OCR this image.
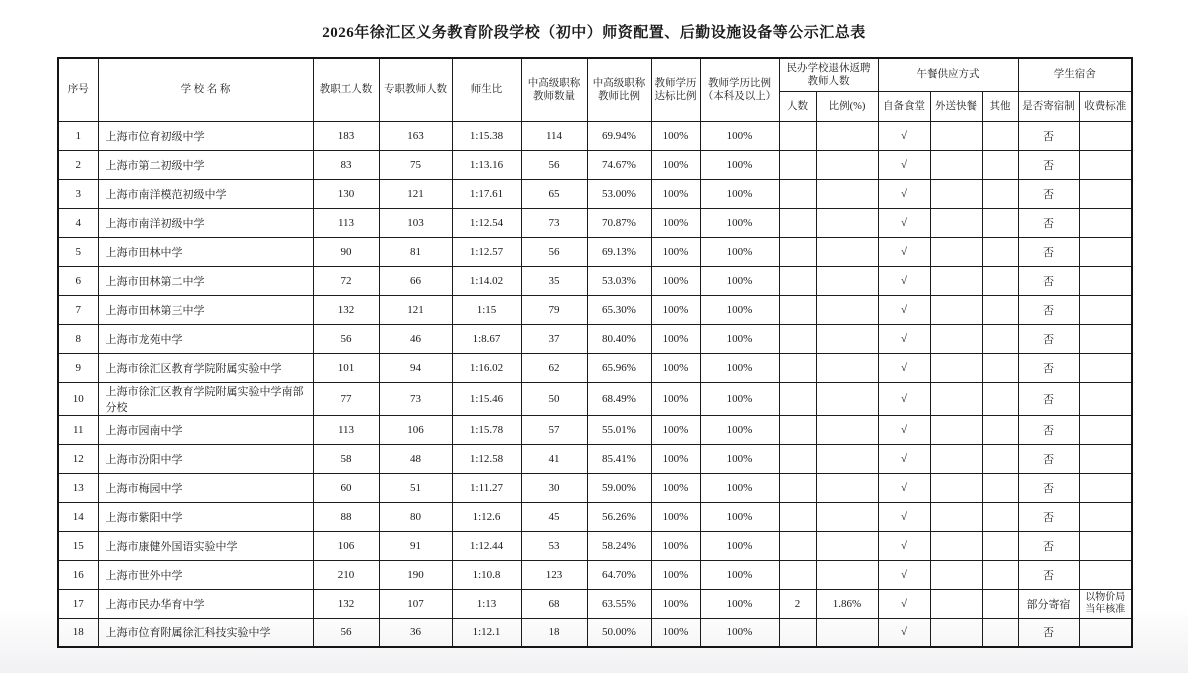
2026年徐汇区义务教育阶段学校（初中）师资配置、后勤设施设备等公示汇总表
序号	学 校 名 称	教职工人数	专职教师人数	师生比	中高级职称教师数量	中高级职称教师比例	教师学历达标比例	教师学历比例（本科及以上）	民办学校退休返聘教师人数		午餐供应方式			学生宿舍	
									人数	比例(%)	自备食堂	外送快餐	其他	是否寄宿制	收费标准
1	上海市位育初级中学	183	163	1:15.38	114	69.94%	100%	100%			√			否	
2	上海市第二初级中学	83	75	1:13.16	56	74.67%	100%	100%			√			否	
3	上海市南洋模范初级中学	130	121	1:17.61	65	53.00%	100%	100%			√			否	
4	上海市南洋初级中学	113	103	1:12.54	73	70.87%	100%	100%			√			否	
5	上海市田林中学	90	81	1:12.57	56	69.13%	100%	100%			√			否	
6	上海市田林第二中学	72	66	1:14.02	35	53.03%	100%	100%			√			否	
7	上海市田林第三中学	132	121	1:15	79	65.30%	100%	100%			√			否	
8	上海市龙苑中学	56	46	1:8.67	37	80.40%	100%	100%			√			否	
9	上海市徐汇区教育学院附属实验中学	101	94	1:16.02	62	65.96%	100%	100%			√			否	
10	上海市徐汇区教育学院附属实验中学南部分校	77	73	1:15.46	50	68.49%	100%	100%			√			否	
11	上海市园南中学	113	106	1:15.78	57	55.01%	100%	100%			√			否	
12	上海市汾阳中学	58	48	1:12.58	41	85.41%	100%	100%			√			否	
13	上海市梅园中学	60	51	1:11.27	30	59.00%	100%	100%			√			否	
14	上海市紫阳中学	88	80	1:12.6	45	56.26%	100%	100%			√			否	
15	上海市康健外国语实验中学	106	91	1:12.44	53	58.24%	100%	100%			√			否	
16	上海市世外中学	210	190	1:10.8	123	64.70%	100%	100%			√			否	
17	上海市民办华育中学	132	107	1:13	68	63.55%	100%	100%	2	1.86%	√			部分寄宿	以物价局当年核准
18	上海市位育附属徐汇科技实验中学	56	36	1:12.1	18	50.00%	100%	100%			√			否	
